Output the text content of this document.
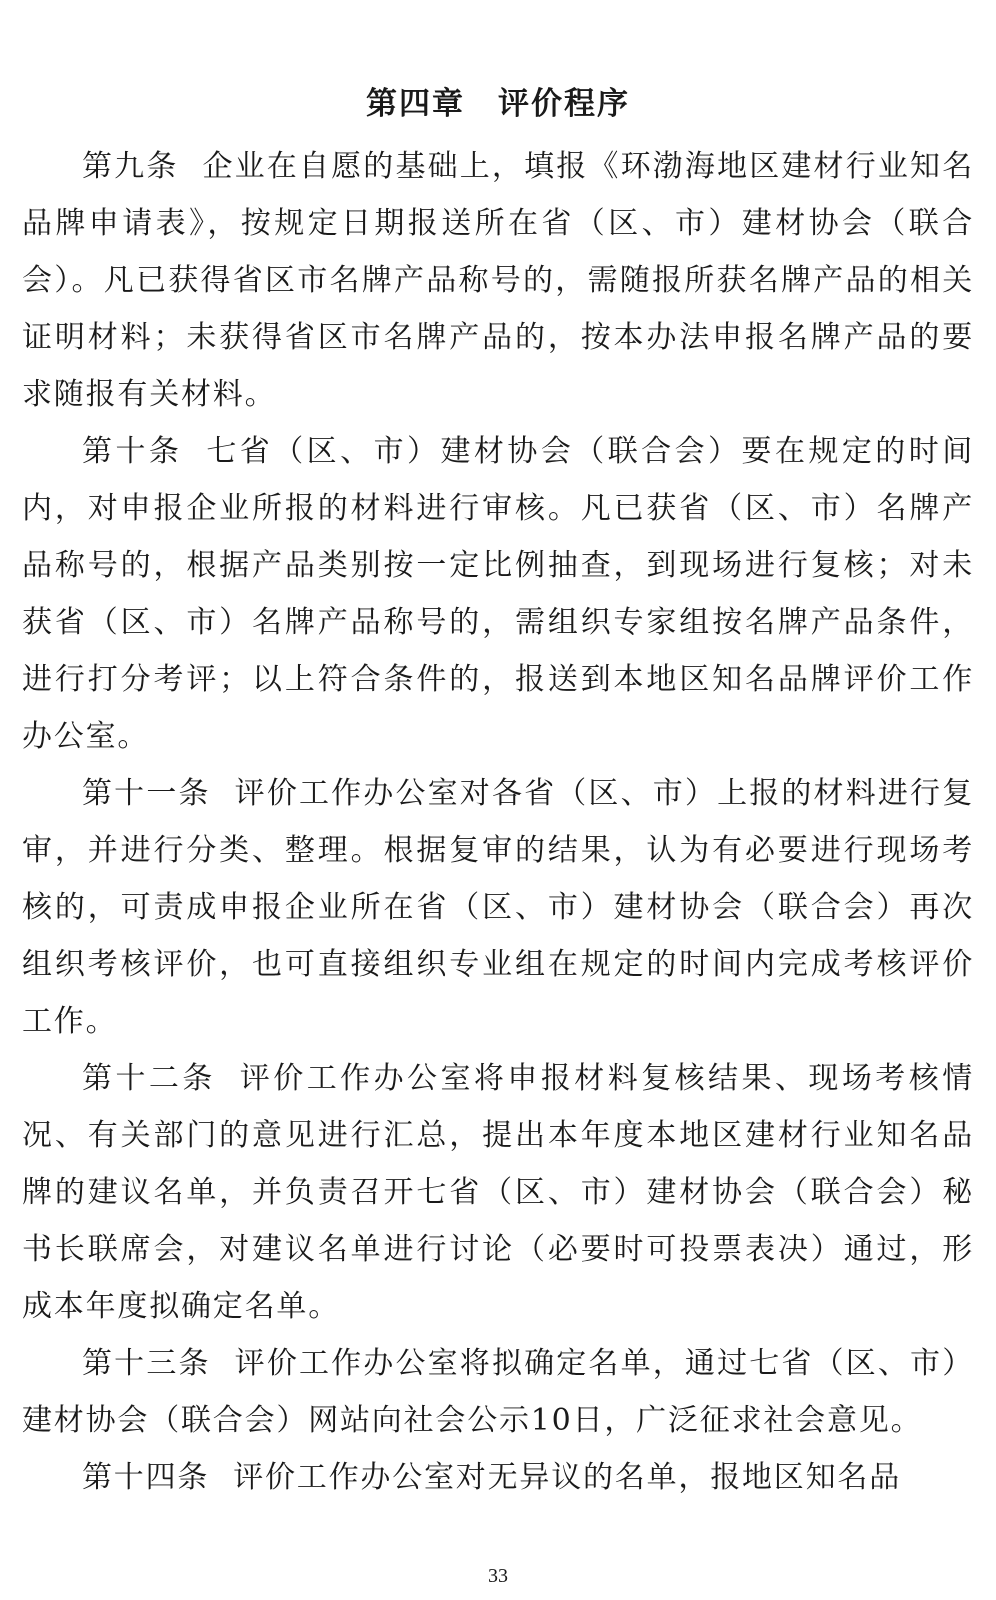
第四章　评价程序

第九条 企业在自愿的基础上，填报《环渤海地区建材行业知名品牌申请表》，按规定日期报送所在省（区、市）建材协会（联合会）。凡已获得省区市名牌产品称号的，需随报所获名牌产品的相关证明材料；未获得省区市名牌产品的，按本办法申报名牌产品的要求随报有关材料。

第十条 七省（区、市）建材协会（联合会）要在规定的时间内，对申报企业所报的材料进行审核。凡已获省（区、市）名牌产品称号的，根据产品类别按一定比例抽查，到现场进行复核；对未获省（区、市）名牌产品称号的，需组织专家组按名牌产品条件，进行打分考评；以上符合条件的，报送到本地区知名品牌评价工作办公室。

第十一条 评价工作办公室对各省（区、市）上报的材料进行复审，并进行分类、整理。根据复审的结果，认为有必要进行现场考核的，可责成申报企业所在省（区、市）建材协会（联合会）再次组织考核评价，也可直接组织专业组在规定的时间内完成考核评价工作。

第十二条 评价工作办公室将申报材料复核结果、现场考核情况、有关部门的意见进行汇总，提出本年度本地区建材行业知名品牌的建议名单，并负责召开七省（区、市）建材协会（联合会）秘书长联席会，对建议名单进行讨论（必要时可投票表决）通过，形成本年度拟确定名单。

第十三条 评价工作办公室将拟确定名单，通过七省（区、市）建材协会（联合会）网站向社会公示10日，广泛征求社会意见。

第十四条 评价工作办公室对无异议的名单，报地区知名品

33
